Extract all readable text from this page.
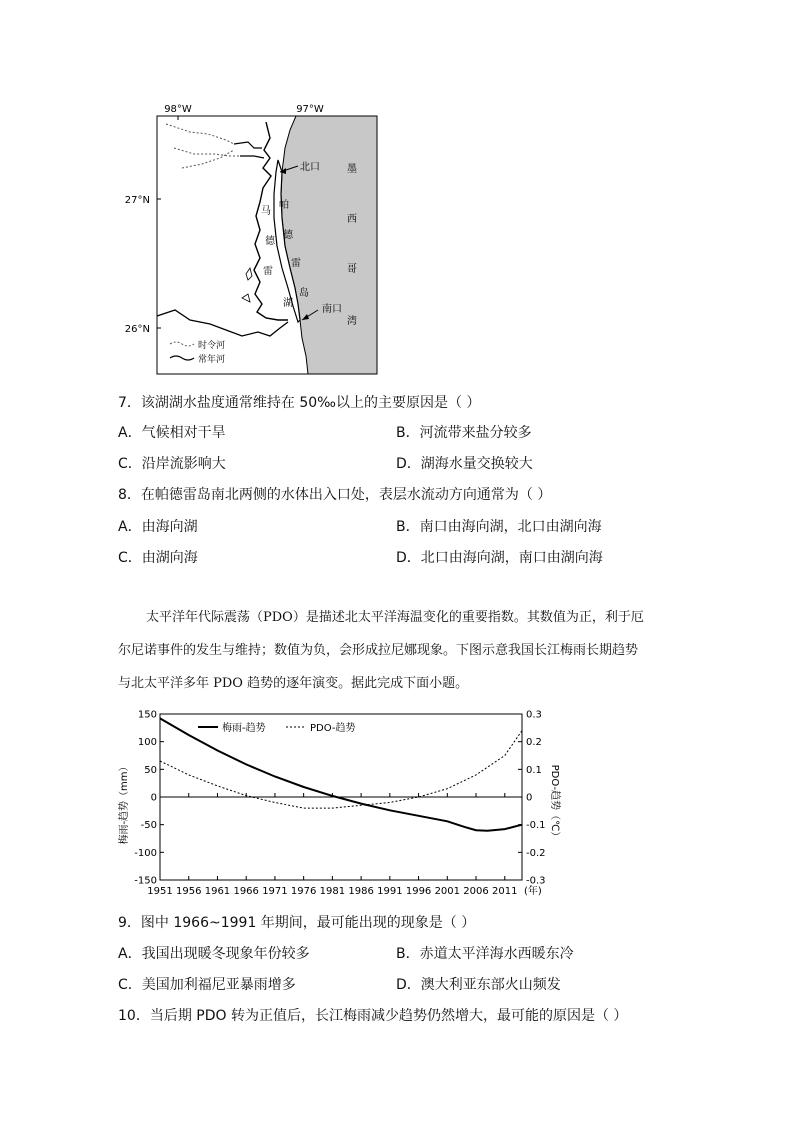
98°W	97°W
27°N
26°N
北口
南口
墨
西
哥
湾
帕
德
雷
岛
马
德
雷
湖
时令河
常年河
7．该湖湖水盐度通常维持在 50‰以上的主要原因是（ ）
A．气候相对干旱	B．河流带来盐分较多
C．沿岸流影响大	D．湖海水量交换较大
8．在帕德雷岛南北两侧的水体出入口处，表层水流动方向通常为（ ）
A．由海向湖	B．南口由海向湖，北口由湖向海
C．由湖向海	D．北口由海向湖，南口由湖向海
太平洋年代际震荡（PDO）是描述北太平洋海温变化的重要指数。其数值为正，利于厄
尔尼诺事件的发生与维持；数值为负，会形成拉尼娜现象。下图示意我国长江梅雨长期趋势
与北太平洋多年 PDO 趋势的逐年演变。据此完成下面小题。
150
100
50
0
-50
-100
-150
0.3
0.2
0.1
0
-0.1
-0.2
-0.3
1951 1956 1961 1966 1971 1976 1981 1986 1991 1996 2001 2006 2011 (年)
梅雨-趋势	PDO-趋势
梅雨-趋势（mm）	PDO-趋势（℃）
9．图中 1966~1991 年期间，最可能出现的现象是（ ）
A．我国出现暖冬现象年份较多	B．赤道太平洋海水西暖东冷
C．美国加利福尼亚暴雨增多	D．澳大利亚东部火山频发
10．当后期 PDO 转为正值后，长江梅雨减少趋势仍然增大，最可能的原因是（ ）
